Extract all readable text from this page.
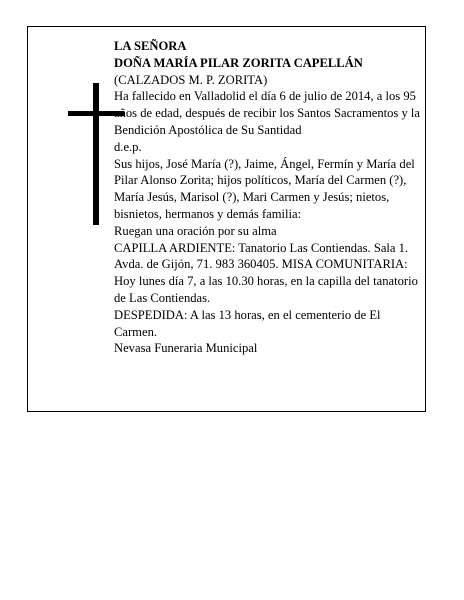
LA SEÑORA

DOÑA MARÍA PILAR ZORITA CAPELLÁN

(CALZADOS M. P. ZORITA)

Ha fallecido en Valladolid el día 6 de julio de 2014, a los 95 años de edad, después de recibir los Santos Sacramentos y la Bendición Apostólica de Su Santidad

d.e.p.

Sus hijos, José María (?), Jaime, Ángel, Fermín y María del Pilar Alonso Zorita; hijos políticos, María del Carmen (?), María Jesús, Marisol (?), Mari Carmen y Jesús; nietos, bisnietos, hermanos y demás familia:

Ruegan una oración por su alma

CAPILLA ARDIENTE: Tanatorio Las Contiendas. Sala 1. Avda. de Gijón, 71. 983 360405. MISA COMUNITARIA: Hoy lunes día 7, a las 10.30 horas, en la capilla del tanatorio de Las Contiendas.

DESPEDIDA: A las 13 horas, en el cementerio de El Carmen.

Nevasa Funeraria Municipal
